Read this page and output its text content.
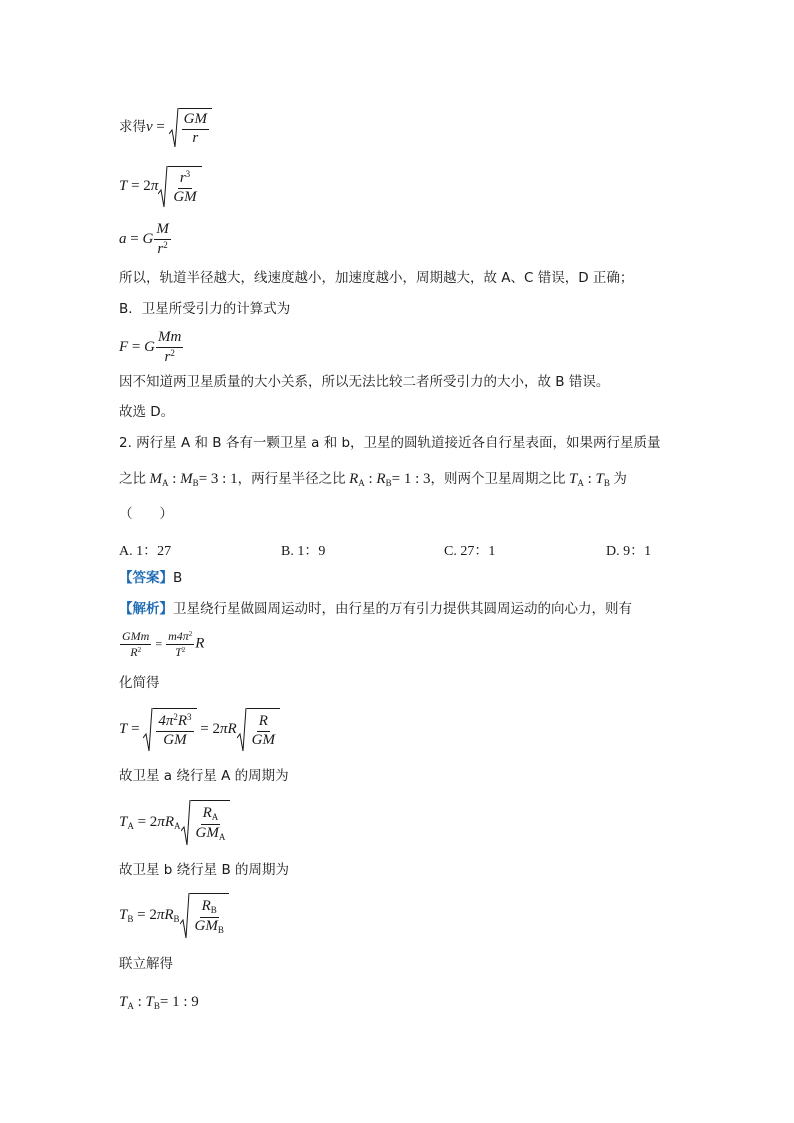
求得$v = \frac{GM}{r}$
$T = 2\pi \frac{r^3}{GM}$
a = G $\frac{M}{r^2}$
所以，轨道半径越大，线速度越小，加速度越小，周期越大，故 A、C 错误，D 正确；
B．卫星所受引力的计算式为
F = G $\frac{Mm}{r^2}$
因不知道两卫星质量的大小关系，所以无法比较二者所受引力的大小，故 B 错误。
故选 D。
2. 两行星 A 和 B 各有一颗卫星 a 和 b，卫星的圆轨道接近各自行星表面，如果两行星质量
之比 $M_A$ : $M_B= 3$ : 1，两行星半径之比 $R_A$ : $R_B= 1$ : 3，则两个卫星周期之比 $T_A$ : $T_B$ 为
（　　）
A. 1：27	B. 1：9	C. 27：1	D. 9：1
【答案】B
【解析】卫星绕行星做圆周运动时，由行星的万有引力提供其圆周运动的向心力，则有
$\frac{\text{GMm}}{R^2} = \frac{m4\pi^2}{T^2}$ R
化简得
$T = \frac{4\pi^2R^3}{GM} = 2\pi R \frac{R}{GM}$
故卫星 a 绕行星 A 的周期为
$T_A = 2\pi R_A \frac{R_A}{GM_A}$
故卫星 b 绕行星 B 的周期为
$T_B = 2\pi R_B \frac{R_B}{GM_B}$
联立解得
$T_A$ : $T_B= 1$ : 9
